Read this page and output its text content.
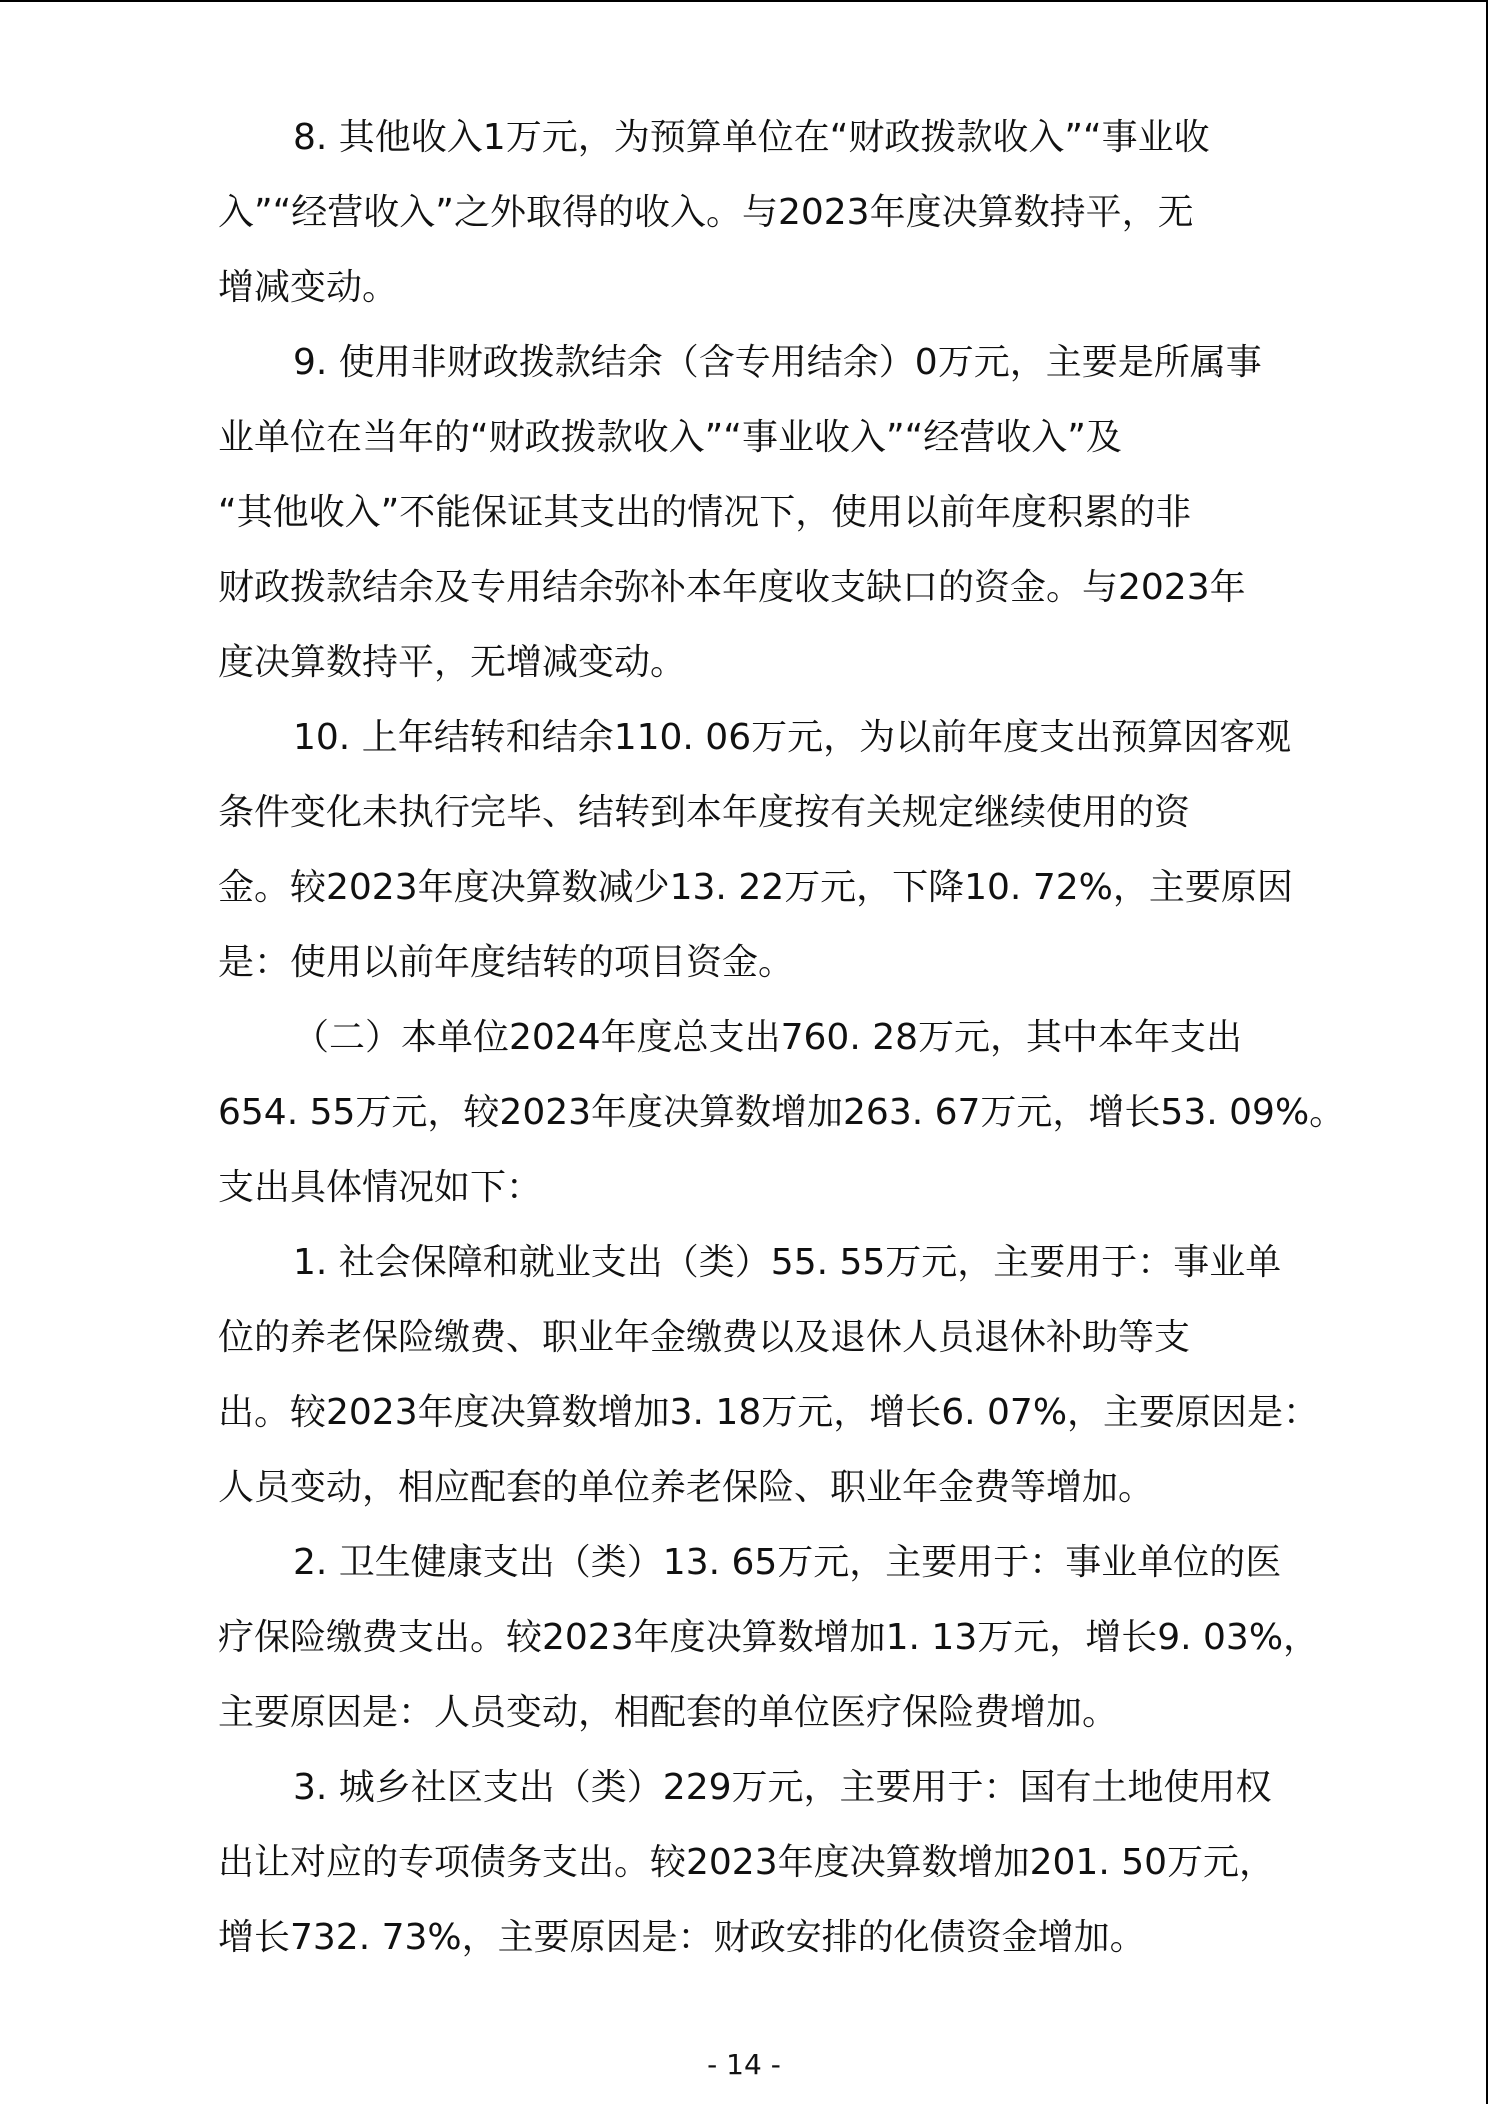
8. 其他收入1万元，为预算单位在“财政拨款收入”“事业收

入”“经营收入”之外取得的收入。与2023年度决算数持平，无

增减变动。

9. 使用非财政拨款结余（含专用结余）0万元，主要是所属事

业单位在当年的“财政拨款收入”“事业收入”“经营收入”及

“其他收入”不能保证其支出的情况下，使用以前年度积累的非

财政拨款结余及专用结余弥补本年度收支缺口的资金。与2023年

度决算数持平，无增减变动。

10. 上年结转和结余110. 06万元，为以前年度支出预算因客观

条件变化未执行完毕、结转到本年度按有关规定继续使用的资

金。较2023年度决算数减少13. 22万元，下降10. 72%，主要原因

是：使用以前年度结转的项目资金。

（二）本单位2024年度总支出760. 28万元，其中本年支出

654. 55万元，较2023年度决算数增加263. 67万元，增长53. 09%。

支出具体情况如下：

1. 社会保障和就业支出（类）55. 55万元，主要用于：事业单

位的养老保险缴费、职业年金缴费以及退休人员退休补助等支

出。较2023年度决算数增加3. 18万元，增长6. 07%，主要原因是：

人员变动，相应配套的单位养老保险、职业年金费等增加。

2. 卫生健康支出（类）13. 65万元，主要用于：事业单位的医

疗保险缴费支出。较2023年度决算数增加1. 13万元，增长9. 03%，

主要原因是：人员变动，相配套的单位医疗保险费增加。

3. 城乡社区支出（类）229万元，主要用于：国有土地使用权

出让对应的专项债务支出。较2023年度决算数增加201. 50万元，

增长732. 73%，主要原因是：财政安排的化债资金增加。

- 14 -
